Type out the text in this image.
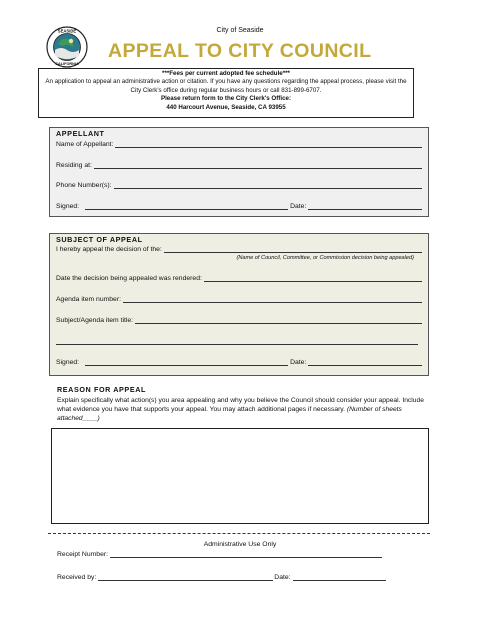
City of Seaside
SEASIDE
CALIFORNIA
APPEAL TO CITY COUNCIL
***Fees per current adopted fee schedule***
An application to appeal an administrative action or citation. If you have any questions regarding the appeal process, please visit the City Clerk's office during regular business hours or call 831-899-6707.
Please return form to the City Clerk's Office:
440 Harcourt Avenue, Seaside, CA 93955
APPELLANT
Name of Appellant:
Residing at:
Phone Number(s):
Signed:	Date:
SUBJECT OF APPEAL
I hereby appeal the decision of the:
(Name of Council, Committee, or Commission decision being appealed)
Date the decision being appealed was rendered:
Agenda item number:
Subject/Agenda item title:
Signed:	Date:
REASON FOR APPEAL
Explain specifically what action(s) you area appealing and why you believe the Council should consider your appeal. Include what evidence you have that supports your appeal. You may attach additional pages if necessary. (Number of sheets attached____)
Administrative Use Only
Receipt Number:
Received by:	Date:
